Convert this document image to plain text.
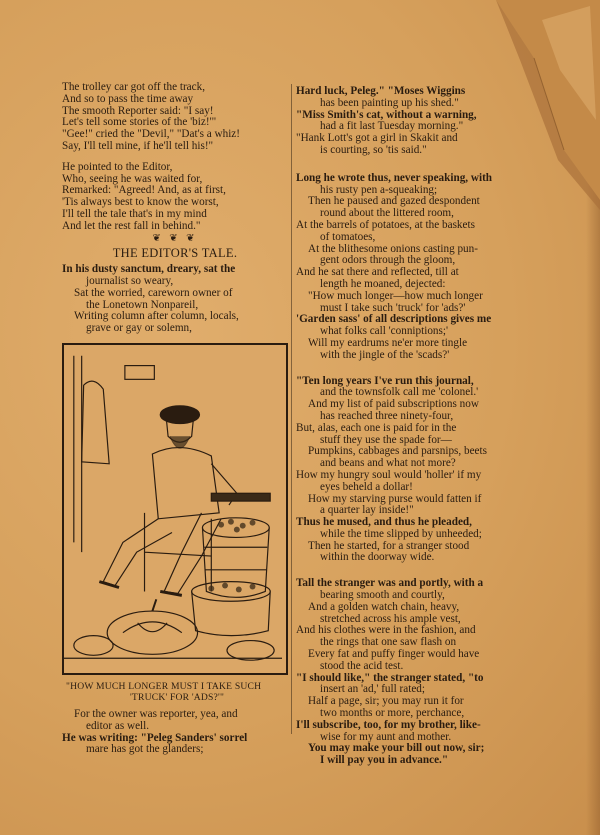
The trolley car got off the track,
And so to pass the time away
The smooth Reporter said: "I say!
Let's tell some stories of the 'biz!'"
"Gee!" cried the "Devil," "Dat's a whiz!
Say, I'll tell mine, if he'll tell his!"
He pointed to the Editor,
Who, seeing he was waited for,
Remarked: "Agreed! And, as at first,
'Tis always best to know the worst,
I'll tell the tale that's in my mind
And let the rest fall in behind."
❦ ❦ ❦
THE EDITOR'S TALE.
In his dusty sanctum, dreary, sat the
journalist so weary,
Sat the worried, careworn owner of
the Lonetown Nonpareil,
Writing column after column, locals,
grave or gay or solemn,
"HOW MUCH LONGER MUST I TAKE SUCH
'TRUCK' FOR 'ADS?'"
For the owner was reporter, yea, and
editor as well.
He was writing: "Peleg Sanders' sorrel
mare has got the glanders;
Hard luck, Peleg." "Moses Wiggins
has been painting up his shed."
"Miss Smith's cat, without a warning,
had a fit last Tuesday morning."
"Hank Lott's got a girl in Skakit and
is courting, so 'tis said."
Long he wrote thus, never speaking, with
his rusty pen a-squeaking;
Then he paused and gazed despondent
round about the littered room,
At the barrels of potatoes, at the baskets
of tomatoes,
At the blithesome onions casting pun-
gent odors through the gloom,
And he sat there and reflected, till at
length he moaned, dejected:
"How much longer—how much longer
must I take such 'truck' for 'ads?'
'Garden sass' of all descriptions gives me
what folks call 'conniptions;'
Will my eardrums ne'er more tingle
with the jingle of the 'scads?'
"Ten long years I've run this journal,
and the townsfolk call me 'colonel.'
And my list of paid subscriptions now
has reached three ninety-four,
But, alas, each one is paid for in the
stuff they use the spade for—
Pumpkins, cabbages and parsnips, beets
and beans and what not more?
How my hungry soul would 'holler' if my
eyes beheld a dollar!
How my starving purse would fatten if
a quarter lay inside!"
Thus he mused, and thus he pleaded,
while the time slipped by unheeded;
Then he started, for a stranger stood
within the doorway wide.
Tall the stranger was and portly, with a
bearing smooth and courtly,
And a golden watch chain, heavy,
stretched across his ample vest,
And his clothes were in the fashion, and
the rings that one saw flash on
Every fat and puffy finger would have
stood the acid test.
"I should like," the stranger stated, "to
insert an 'ad,' full rated;
Half a page, sir; you may run it for
two months or more, perchance,
I'll subscribe, too, for my brother, like-
wise for my aunt and mother.
You may make your bill out now, sir;
I will pay you in advance."
